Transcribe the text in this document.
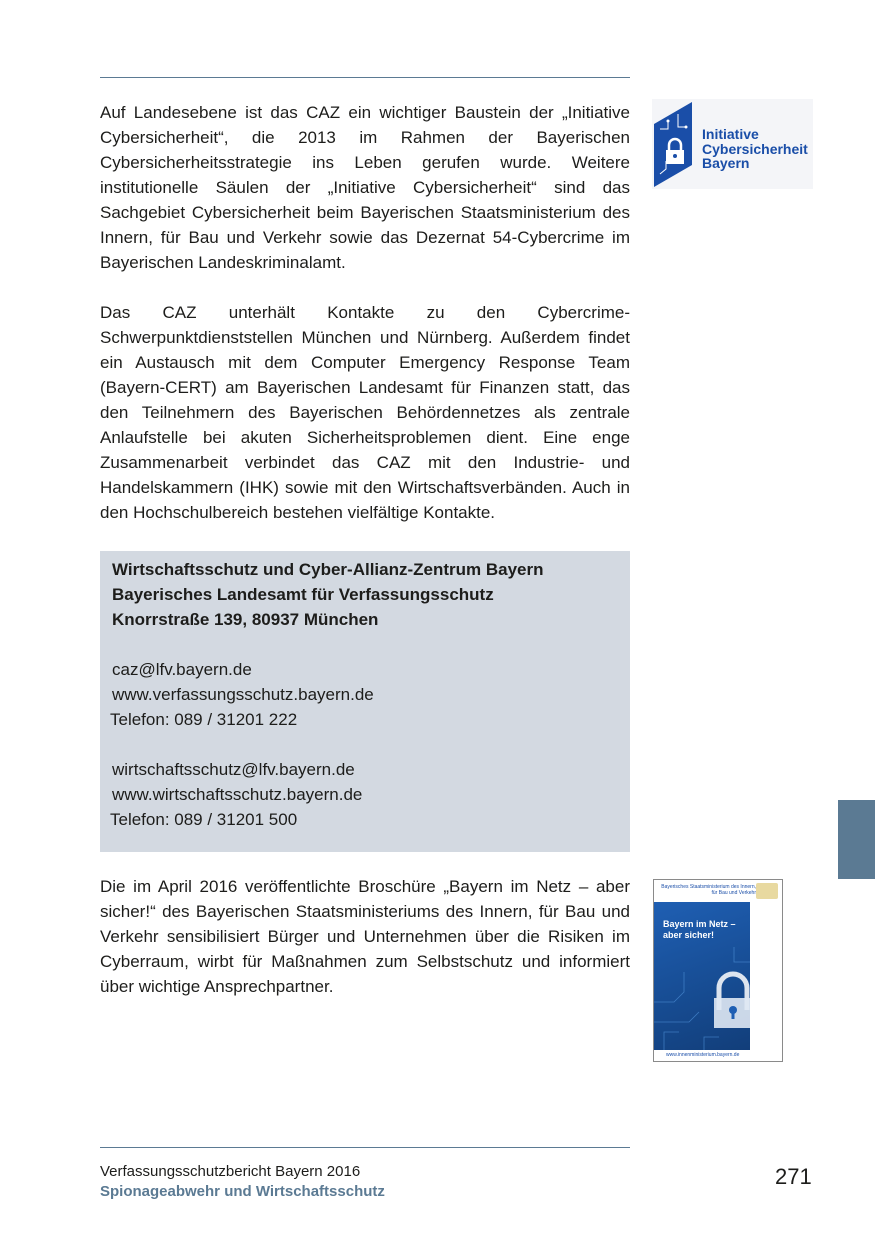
Auf Landesebene ist das CAZ ein wichtiger Baustein der „Initiative Cybersicherheit“, die 2013 im Rahmen der Bayerischen Cybersicherheitsstrategie ins Leben gerufen wurde. Weitere institutionelle Säulen der „Initiative Cybersicherheit“ sind das Sachgebiet Cybersicherheit beim Bayerischen Staatsministerium des Innern, für Bau und Verkehr sowie das Dezernat 54-Cybercrime im Bayerischen Landeskriminalamt.

Initiative
Cybersicherheit
Bayern

Das CAZ unterhält Kontakte zu den Cybercrime-Schwerpunktdienststellen München und Nürnberg. Außerdem findet ein Austausch mit dem Computer Emergency Response Team (Bayern-CERT) am Bayerischen Landesamt für Finanzen statt, das den Teilnehmern des Bayerischen Behördennetzes als zentrale Anlaufstelle bei akuten Sicherheitsproblemen dient. Eine enge Zusammenarbeit verbindet das CAZ mit den Industrie- und Handelskammern (IHK) sowie mit den Wirtschaftsverbänden. Auch in den Hochschulbereich bestehen vielfältige Kontakte.

Wirtschaftsschutz und Cyber-Allianz-Zentrum Bayern
Bayerisches Landesamt für Verfassungsschutz
Knorrstraße 139, 80937 München
caz@lfv.bayern.de
www.verfassungsschutz.bayern.de
Telefon: 089 / 31201 222
wirtschaftsschutz@lfv.bayern.de
www.wirtschaftsschutz.bayern.de
Telefon: 089 / 31201 500

Die im April 2016 veröffentlichte Broschüre „Bayern im Netz – aber sicher!“ des Bayerischen Staatsministeriums des Innern, für Bau und Verkehr sensibilisiert Bürger und Unternehmen über die Risiken im Cyberraum, wirbt für Maßnahmen zum Selbstschutz und informiert über wichtige Ansprechpartner.

Bayerisches Staatsministerium des Innern, für Bau und Verkehr
Bayern im Netz –
aber sicher!
www.innenministerium.bayern.de
Verfassungsschutzbericht Bayern 2016
Spionageabwehr und Wirtschaftsschutz
271
